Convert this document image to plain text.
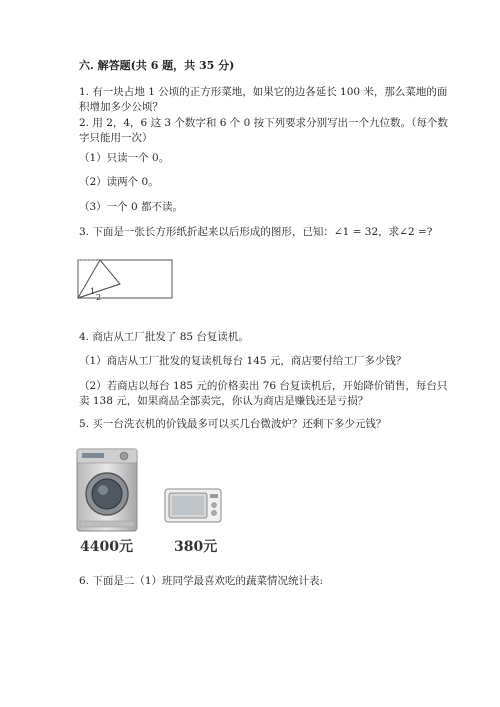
六. 解答题(共 6 题，共 35 分)
1. 有一块占地 1 公顷的正方形菜地，如果它的边各延长 100 米，那么菜地的面
积增加多少公顷？
2. 用 2，4，6 这 3 个数字和 6 个 0 按下列要求分别写出一个九位数。（每个数
字只能用一次）
（1）只读一个 0。
（2）读两个 0。
（3）一个 0 都不读。
3. 下面是一张长方形纸折起来以后形成的图形，已知：∠1 = 32，求∠2 =?
1
2
4. 商店从工厂批发了 85 台复读机。
（1）商店从工厂批发的复读机每台 145 元，商店要付给工厂多少钱？
（2）若商店以每台 185 元的价格卖出 76 台复读机后，开始降价销售，每台只
卖 138 元，如果商品全部卖完，你认为商店是赚钱还是亏损？
5. 买一台洗衣机的价钱最多可以买几台微波炉？还剩下多少元钱？
4400元	380元
6. 下面是二（1）班同学最喜欢吃的蔬菜情况统计表:
